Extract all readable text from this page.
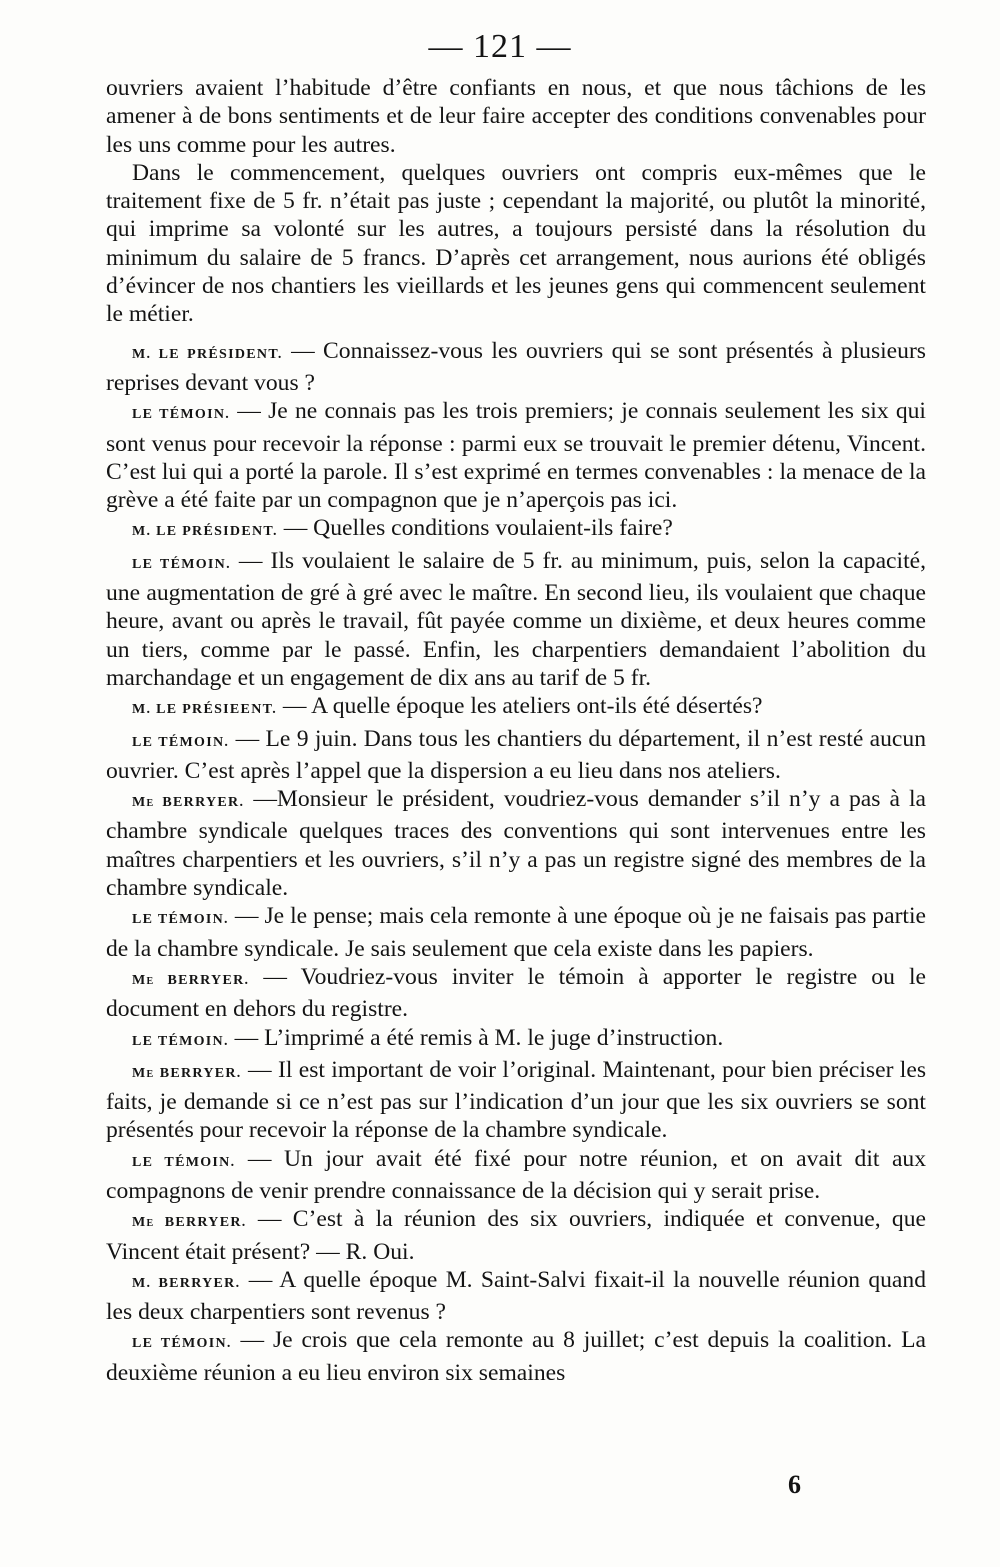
— 121 —

ouvriers avaient l’habitude d’être confiants en nous, et que nous tâchions de les amener à de bons sentiments et de leur faire accepter des conditions convenables pour les uns comme pour les autres.

Dans le commencement, quelques ouvriers ont compris eux-mêmes que le traitement fixe de 5 fr. n’était pas juste ; cependant la majorité, ou plutôt la minorité, qui imprime sa volonté sur les autres, a toujours persisté dans la résolution du minimum du salaire de 5 francs. D’après cet arrangement, nous aurions été obligés d’évincer de nos chantiers les vieillards et les jeunes gens qui commencent seulement le métier.

M. LE PRÉSIDENT. — Connaissez-vous les ouvriers qui se sont présentés à plusieurs reprises devant vous ?

LE TÉMOIN. — Je ne connais pas les trois premiers; je connais seulement les six qui sont venus pour recevoir la réponse : parmi eux se trouvait le premier détenu, Vincent. C’est lui qui a porté la parole. Il s’est exprimé en termes convenables : la menace de la grève a été faite par un compagnon que je n’aperçois pas ici.

M. LE PRÉSIDENT. — Quelles conditions voulaient-ils faire?

LE TÉMOIN. — Ils voulaient le salaire de 5 fr. au minimum, puis, selon la capacité, une augmentation de gré à gré avec le maître. En second lieu, ils voulaient que chaque heure, avant ou après le travail, fût payée comme un dixième, et deux heures comme un tiers, comme par le passé. Enfin, les charpentiers demandaient l’abolition du marchandage et un engagement de dix ans au tarif de 5 fr.

M. LE PRÉSIEENT. — A quelle époque les ateliers ont-ils été désertés?

LE TÉMOIN. — Le 9 juin. Dans tous les chantiers du département, il n’est resté aucun ouvrier. C’est après l’appel que la dispersion a eu lieu dans nos ateliers.

Me BERRYER. —Monsieur le président, voudriez-vous demander s’il n’y a pas à la chambre syndicale quelques traces des conventions qui sont intervenues entre les maîtres charpentiers et les ouvriers, s’il n’y a pas un registre signé des membres de la chambre syndicale.

LE TÉMOIN. — Je le pense; mais cela remonte à une époque où je ne faisais pas partie de la chambre syndicale. Je sais seulement que cela existe dans les papiers.

Me BERRYER. — Voudriez-vous inviter le témoin à apporter le registre ou le document en dehors du registre.

LE TÉMOIN. — L’imprimé a été remis à M. le juge d’instruction.

Me BERRYER. — Il est important de voir l’original. Maintenant, pour bien préciser les faits, je demande si ce n’est pas sur l’indication d’un jour que les six ouvriers se sont présentés pour recevoir la réponse de la chambre syndicale.

LE TÉMOIN. — Un jour avait été fixé pour notre réunion, et on avait dit aux compagnons de venir prendre connaissance de la décision qui y serait prise.

Me BERRYER. — C’est à la réunion des six ouvriers, indiquée et convenue, que Vincent était présent? — R. Oui.

M. BERRYER. — A quelle époque M. Saint-Salvi fixait-il la nouvelle réunion quand les deux charpentiers sont revenus ?

LE TÉMOIN. — Je crois que cela remonte au 8 juillet; c’est depuis la coalition. La deuxième réunion a eu lieu environ six semaines

6
